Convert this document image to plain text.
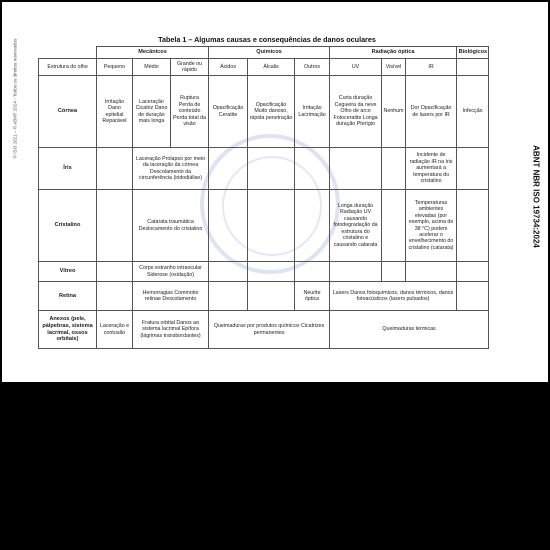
© ISO 2021 – © ABNT 2024 - Todos os direitos reservados
ABNT NBR ISO 19734:2024
Tabela 1 – Algumas causas e consequências de danos oculares
	Mecânicos			Químicos			Radiação óptica			Biológicos
Estrutura do olho	Pequeno	Médio	Grande ou rápido	Ácidos	Álcalis	Outros	UV	Visível	IR	
Córnea	Irritação Dano epitelial Reparável	Laceração Cicatriz Dano de duração mais longa	Ruptura Perda de conteúdo Perda total da visão	Opacificação Ceratite	Opacificação Muito danoso, rápida penetração	Irritação Lacrimação	Curta duração Cegueira da neve Olho de arco Fotoceratite Longa duração Pterígio	Nenhum	Dor Opacificação de lasers por IR	Infecção
Íris		Laceração Prolapso por meio da laceração da córnea Descolamento da circunferência (iridodiálise)							Incidente de radiação IR na íris aumentará a temperatura do cristalino	
Cristalino		Catarata traumática Deslocamento do cristalino					Longa duração Radiação UV causando fotodegradação da estrutura do cristalino e causando catarata		Temperaturas ambientes elevadas (por exemplo, acima de 38 °C) podem acelerar o envelhecimento do cristalino (catarata)	
Vítreo		Corpo estranho intraocular Siderose (oxidação)								
Retina		Hemorragias Commotio retinae Descolamento				Neurite óptica	Lasers Danos fotoquímicos, danos térmicos, danos fotoacústicos (lasers pulsados)			
Anexos (pele, pálpebras, sistema lacrimal, ossos orbitais)	Laceração e contusão	Fratura orbital Danos ao sistema lacrimal Epífora (lágrimas transbordantes)		Queimaduras por produtos químicos Cicatrizes permanentes			Queimaduras térmicas			
